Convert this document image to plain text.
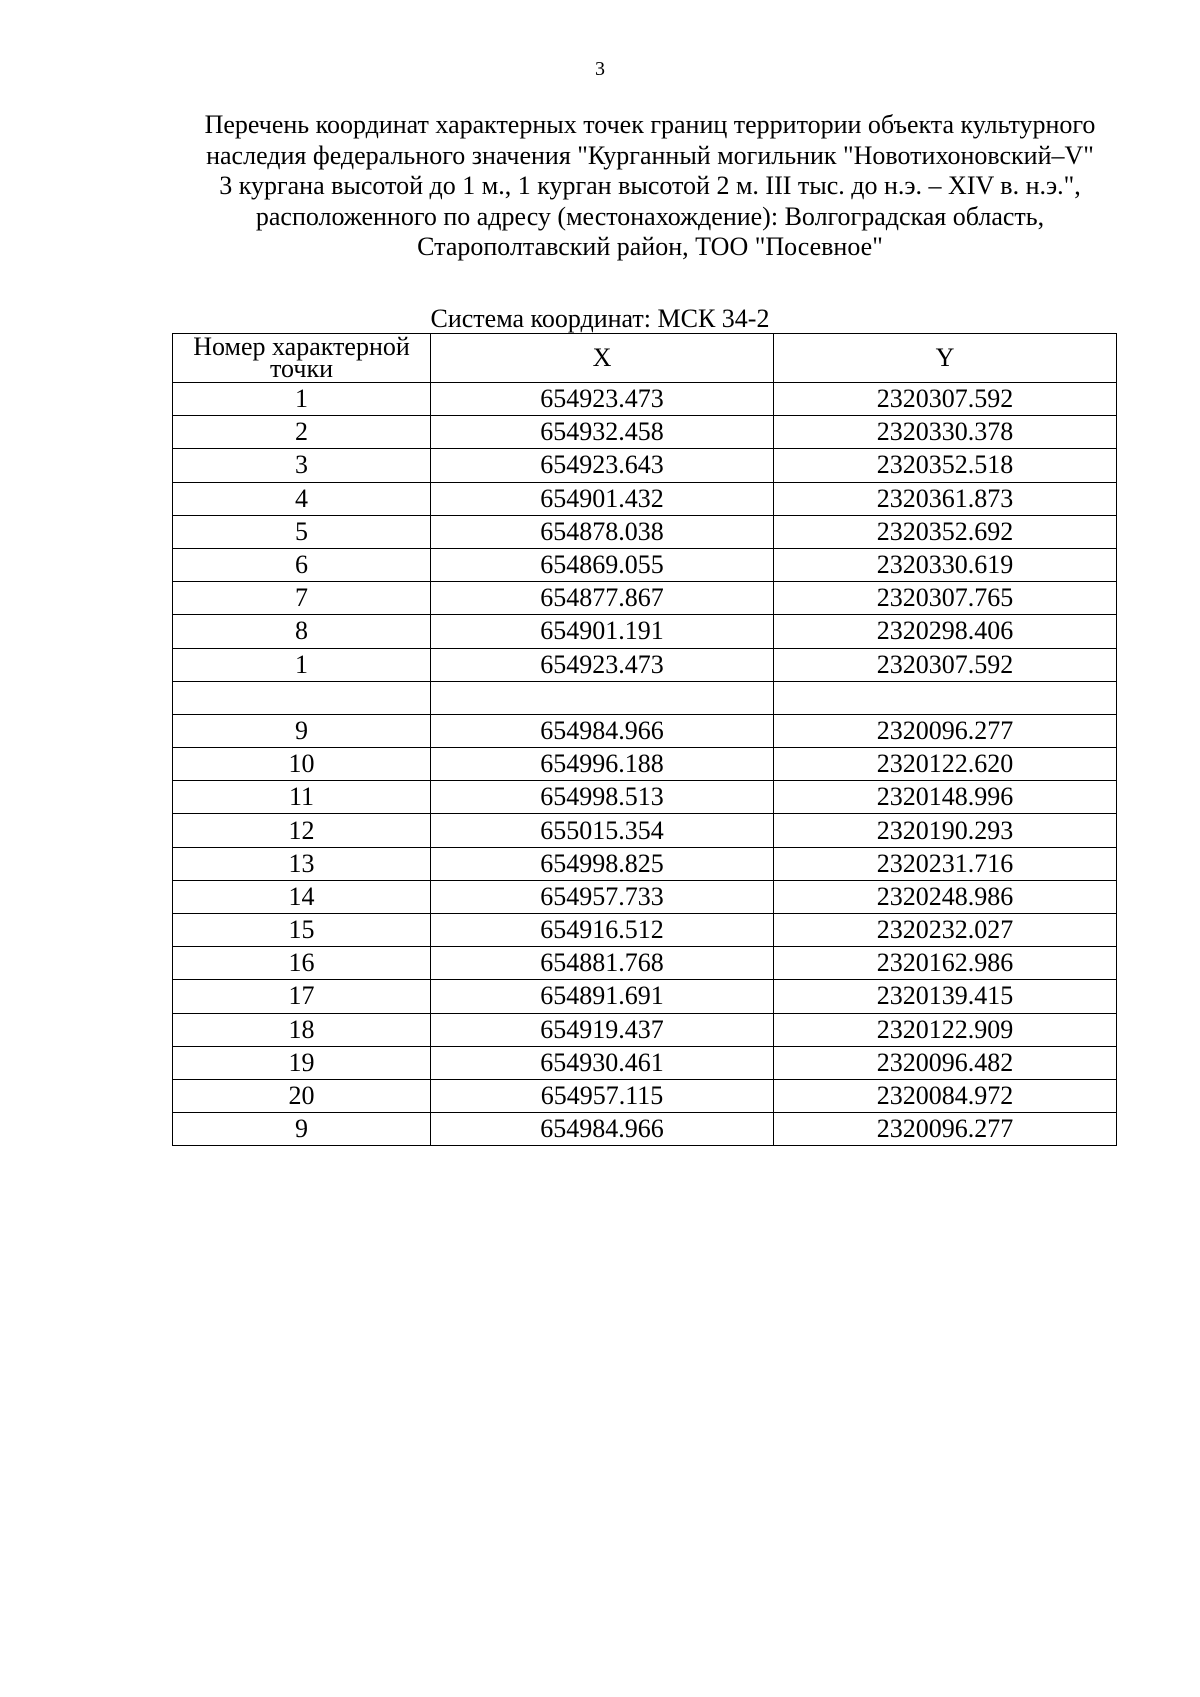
3
Перечень координат характерных точек границ территории объекта культурного
наследия федерального значения "Курганный могильник "Новотихоновский–V"
3 кургана высотой до 1 м., 1 курган высотой 2 м. III тыс. до н.э. – XIV в. н.э.",
расположенного по адресу (местонахождение): Волгоградская область,
Старополтавский район, ТОО "Посевное"
Система координат: МСК 34-2
Номер характерной точки	X	Y
1	654923.473	2320307.592
2	654932.458	2320330.378
3	654923.643	2320352.518
4	654901.432	2320361.873
5	654878.038	2320352.692
6	654869.055	2320330.619
7	654877.867	2320307.765
8	654901.191	2320298.406
1	654923.473	2320307.592

9	654984.966	2320096.277
10	654996.188	2320122.620
11	654998.513	2320148.996
12	655015.354	2320190.293
13	654998.825	2320231.716
14	654957.733	2320248.986
15	654916.512	2320232.027
16	654881.768	2320162.986
17	654891.691	2320139.415
18	654919.437	2320122.909
19	654930.461	2320096.482
20	654957.115	2320084.972
9	654984.966	2320096.277
